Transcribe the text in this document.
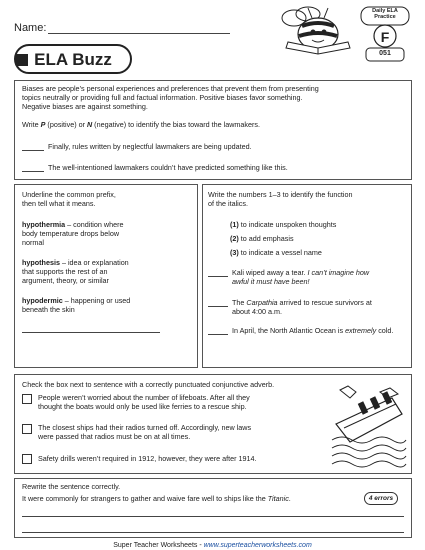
Name:
ELA Buzz
Daily ELA
Practice
F
051
Biases are people’s personal experiences and preferences that prevent them from presenting
topics neutrally or providing full and factual information. Positive biases favor something.
Negative biases are against something.
Write P (positive) or N (negative) to identify the bias toward the lawmakers.
Finally, rules written by neglectful lawmakers are being updated.
The well-intentioned lawmakers couldn’t have predicted something like this.
Underline the common prefix,
then tell what it means.
hypothermia – condition where
body temperature drops below
normal
hypothesis – idea or explanation
that supports the rest of an
argument, theory, or similar
hypodermic – happening or used
beneath the skin
Write the numbers 1–3 to identify the function
of the italics.
(1) to indicate unspoken thoughts
(2) to add emphasis
(3) to indicate a vessel name
Kali wiped away a tear. I can’t imagine how
awful it must have been!
The Carpathia arrived to rescue survivors at
about 4:00 a.m.
In April, the North Atlantic Ocean is extremely cold.
Check the box next to sentence with a correctly punctuated conjunctive adverb.
People weren’t worried about the number of lifeboats. After all they
thought the boats would only be used like ferries to a rescue ship.
The closest ships had their radios turned off. Accordingly, new laws
were passed that radios must be on at all times.
Safety drills weren’t required in 1912, however, they were after 1914.
Rewrite the sentence correctly.
It were commonly for strangers to gather and waive fare well to ships like the Titanic.	4 errors
Super Teacher Worksheets - www.superteacherworksheets.com
